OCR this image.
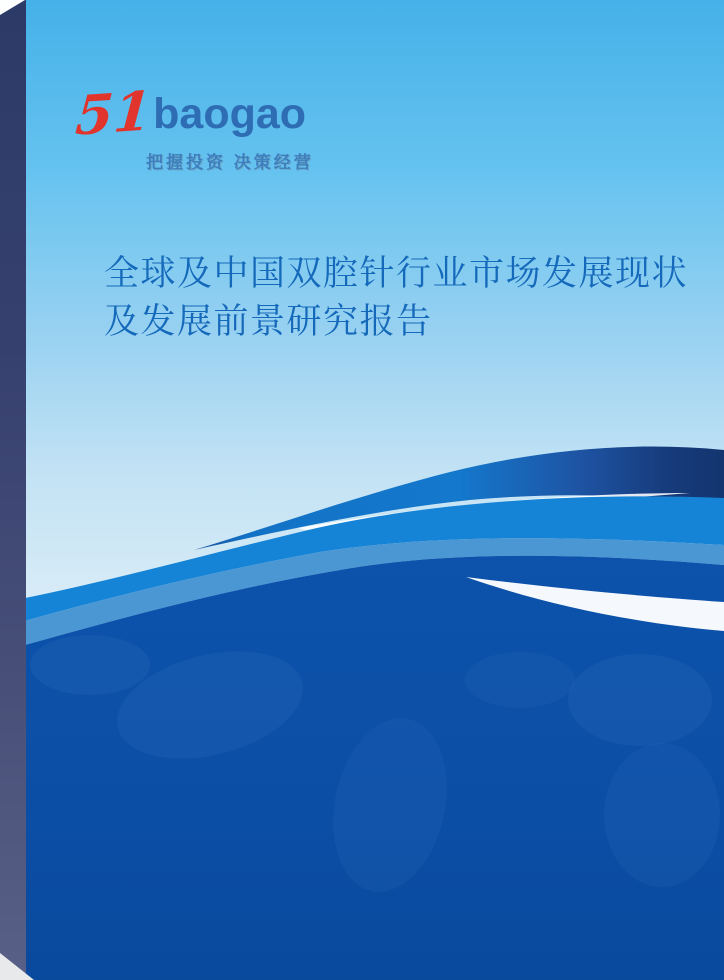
51baogao
把握投资 决策经营
全球及中国双腔针行业市场发展现状
及发展前景研究报告
